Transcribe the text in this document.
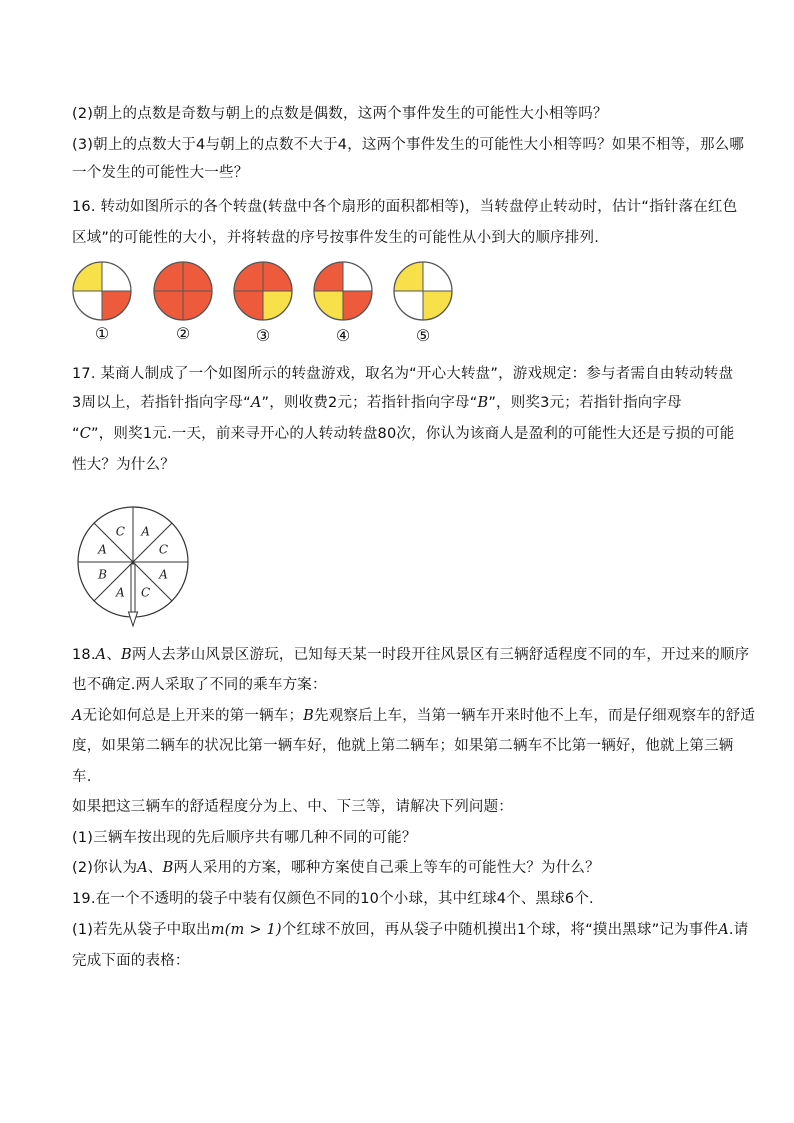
(2)朝上的点数是奇数与朝上的点数是偶数，这两个事件发生的可能性大小相等吗？
(3)朝上的点数大于4与朝上的点数不大于4，这两个事件发生的可能性大小相等吗？如果不相等，那么哪
一个发生的可能性大一些？
16. 转动如图所示的各个转盘(转盘中各个扇形的面积都相等)，当转盘停止转动时，估计“指针落在红色
区域”的可能性的大小，并将转盘的序号按事件发生的可能性从小到大的顺序排列.
①	②	③	④	⑤
17. 某商人制成了一个如图所示的转盘游戏，取名为“开心大转盘”，游戏规定：参与者需自由转动转盘
3周以上，若指针指向字母“A”，则收费2元；若指针指向字母“B”，则奖3元；若指针指向字母
“C”，则奖1元.一天，前来寻开心的人转动转盘80次，你认为该商人是盈利的可能性大还是亏损的可能
性大？为什么？
A
C
A
C
A
B
A
C
18.A、B两人去茅山风景区游玩，已知每天某一时段开往风景区有三辆舒适程度不同的车，开过来的顺序
也不确定.两人采取了不同的乘车方案：
A无论如何总是上开来的第一辆车；B先观察后上车，当第一辆车开来时他不上车，而是仔细观察车的舒适
度，如果第二辆车的状况比第一辆车好，他就上第二辆车；如果第二辆车不比第一辆好，他就上第三辆
车.
如果把这三辆车的舒适程度分为上、中、下三等，请解决下列问题：
(1)三辆车按出现的先后顺序共有哪几种不同的可能？
(2)你认为A、B两人采用的方案，哪种方案使自己乘上等车的可能性大？为什么？
19.在一个不透明的袋子中装有仅颜色不同的10个小球，其中红球4个、黑球6个.
(1)若先从袋子中取出m(m > 1)个红球不放回，再从袋子中随机摸出1个球，将“摸出黑球”记为事件A.请
完成下面的表格：
